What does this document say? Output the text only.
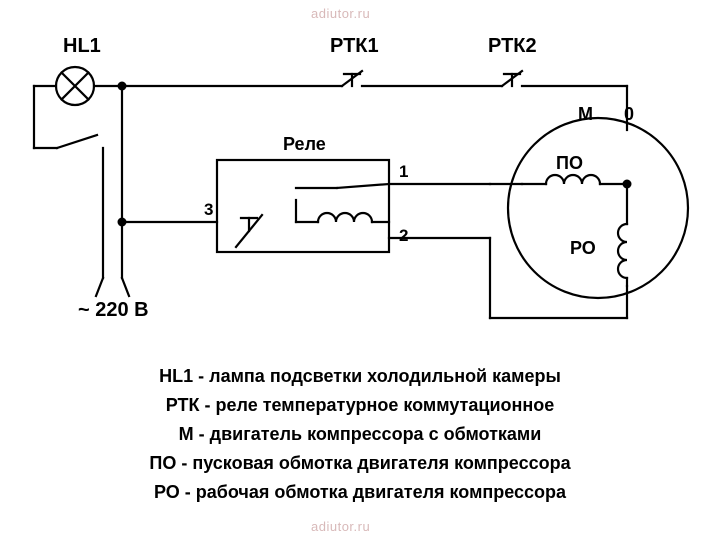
adiutor.ru
adiutor.ru
HL1	РТК1	РТК2
Реле
1
2
3
М 0
ПО
РО
~ 220 В
HL1 - лампа подсветки холодильной камеры
РТК - реле температурное коммутационное
М - двигатель компрессора с обмотками
ПО - пусковая обмотка двигателя компрессора
РО - рабочая обмотка двигателя компрессора
